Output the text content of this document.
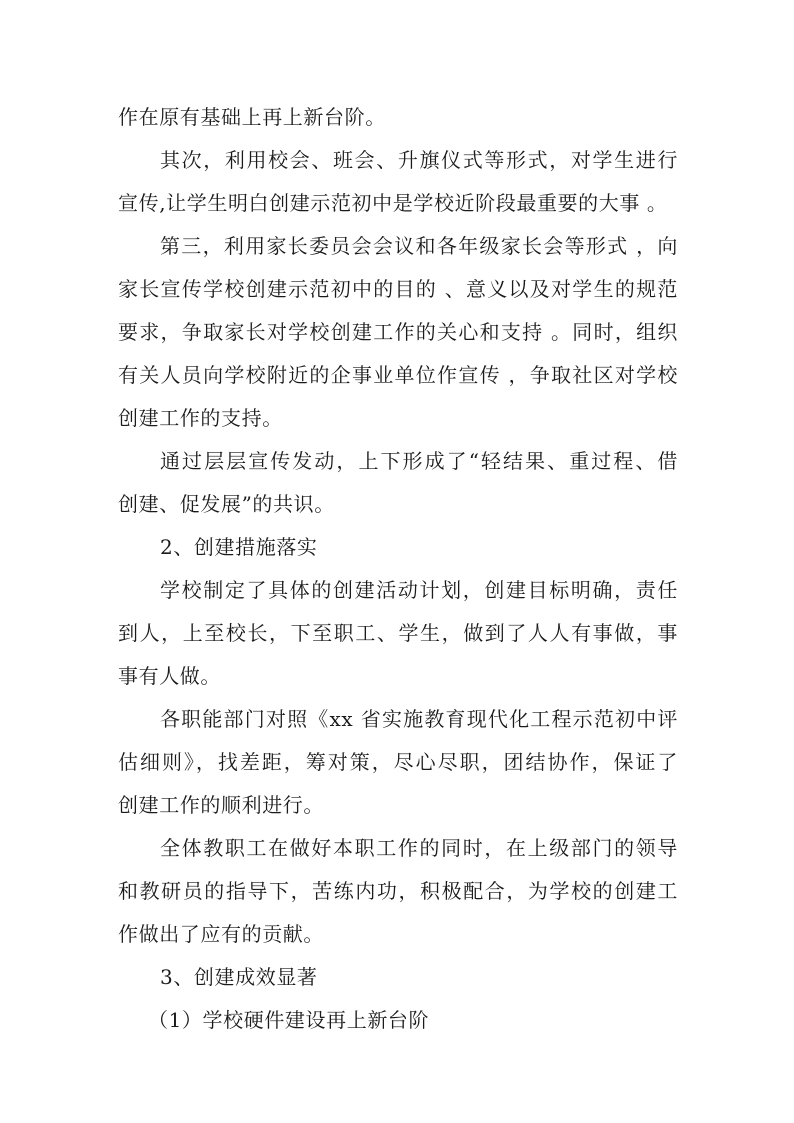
作在原有基础上再上新台阶。
其次，利用校会、班会、升旗仪式等形式，对学生进行
宣传,让学生明白创建示范初中是学校近阶段最重要的大事 。
第三，利用家长委员会会议和各年级家长会等形式 ，向
家长宣传学校创建示范初中的目的 、意义以及对学生的规范
要求，争取家长对学校创建工作的关心和支持 。同时，组织
有关人员向学校附近的企事业单位作宣传 ，争取社区对学校
创建工作的支持。
通过层层宣传发动，上下形成了“轻结果、重过程、借
创建、促发展”的共识。
2、创建措施落实
学校制定了具体的创建活动计划，创建目标明确，责任
到人，上至校长，下至职工、学生，做到了人人有事做，事
事有人做。
各职能部门对照《xx 省实施教育现代化工程示范初中评
估细则》，找差距，筹对策，尽心尽职，团结协作，保证了
创建工作的顺利进行。
全体教职工在做好本职工作的同时，在上级部门的领导
和教研员的指导下，苦练内功，积极配合，为学校的创建工
作做出了应有的贡献。
3、创建成效显著
（1）学校硬件建设再上新台阶
